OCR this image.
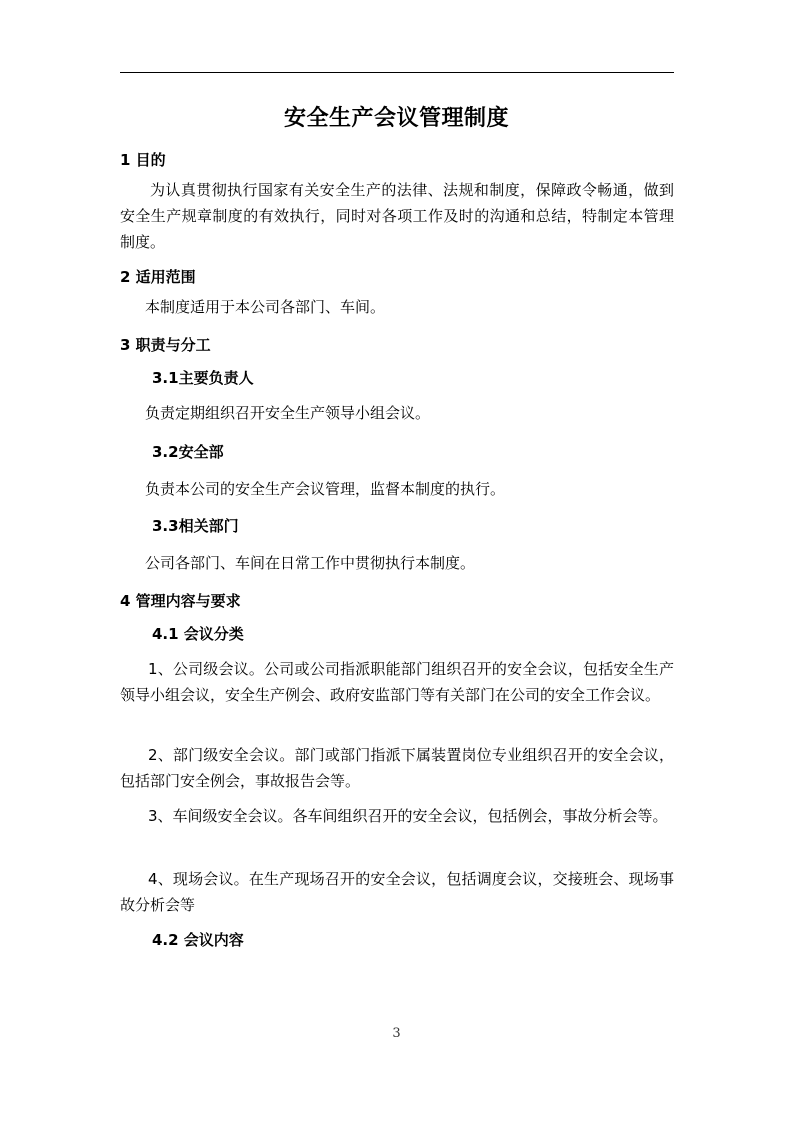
安全生产会议管理制度
1 目的
为认真贯彻执行国家有关安全生产的法律、法规和制度，保障政令畅通，做到安全生产规章制度的有效执行，同时对各项工作及时的沟通和总结，特制定本管理制度。
2 适用范围
本制度适用于本公司各部门、车间。
3 职责与分工
3.1主要负责人
负责定期组织召开安全生产领导小组会议。
3.2安全部
负责本公司的安全生产会议管理，监督本制度的执行。
3.3相关部门
公司各部门、车间在日常工作中贯彻执行本制度。
4 管理内容与要求
4.1 会议分类
1、公司级会议。公司或公司指派职能部门组织召开的安全会议，包括安全生产领导小组会议，安全生产例会、政府安监部门等有关部门在公司的安全工作会议。
2、部门级安全会议。部门或部门指派下属装置岗位专业组织召开的安全会议，包括部门安全例会，事故报告会等。
3、车间级安全会议。各车间组织召开的安全会议，包括例会，事故分析会等。
4、现场会议。在生产现场召开的安全会议，包括调度会议，交接班会、现场事故分析会等
4.2 会议内容
3
